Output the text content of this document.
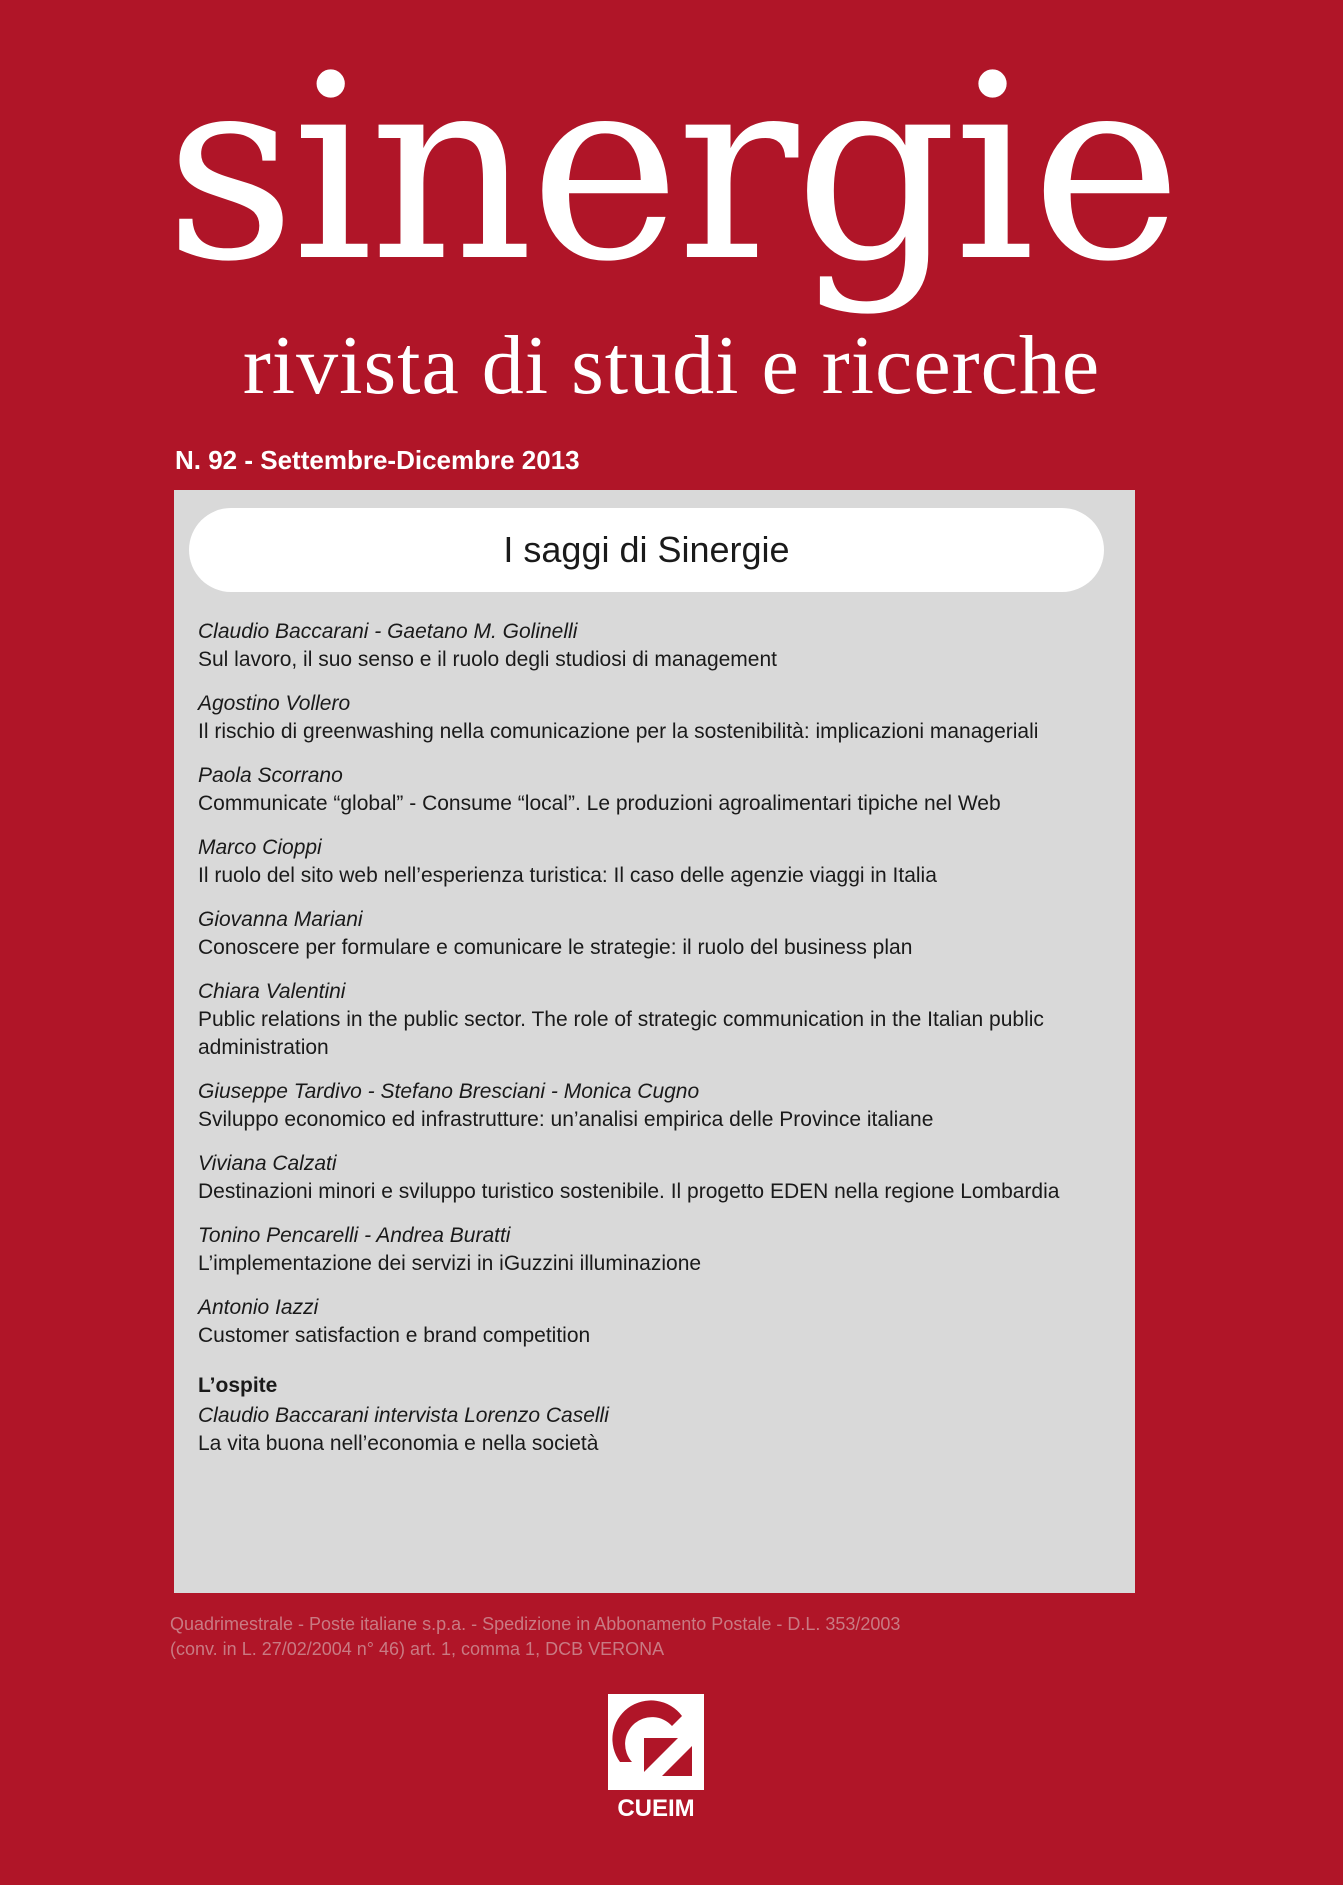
sinergie
rivista di studi e ricerche
N. 92 - Settembre-Dicembre 2013
I saggi di Sinergie
Claudio Baccarani - Gaetano M. Golinelli
Sul lavoro, il suo senso e il ruolo degli studiosi di management
Agostino Vollero
Il rischio di greenwashing nella comunicazione per la sostenibilità: implicazioni manageriali
Paola Scorrano
Communicate “global” - Consume “local”. Le produzioni agroalimentari tipiche nel Web
Marco Cioppi
Il ruolo del sito web nell’esperienza turistica: Il caso delle agenzie viaggi in Italia
Giovanna Mariani
Conoscere per formulare e comunicare le strategie: il ruolo del business plan
Chiara Valentini
Public relations in the public sector. The role of strategic communication in the Italian public administration
Giuseppe Tardivo - Stefano Bresciani - Monica Cugno
Sviluppo economico ed infrastrutture: un’analisi empirica delle Province italiane
Viviana Calzati
Destinazioni minori e sviluppo turistico sostenibile. Il progetto EDEN nella regione Lombardia
Tonino Pencarelli - Andrea Buratti
L’implementazione dei servizi in iGuzzini illuminazione
Antonio Iazzi
Customer satisfaction e brand competition
L’ospite
Claudio Baccarani intervista Lorenzo Caselli
La vita buona nell’economia e nella società
Quadrimestrale - Poste italiane s.p.a. - Spedizione in Abbonamento Postale - D.L. 353/2003
(conv. in L. 27/02/2004 n° 46) art. 1, comma 1, DCB VERONA
CUEIM
